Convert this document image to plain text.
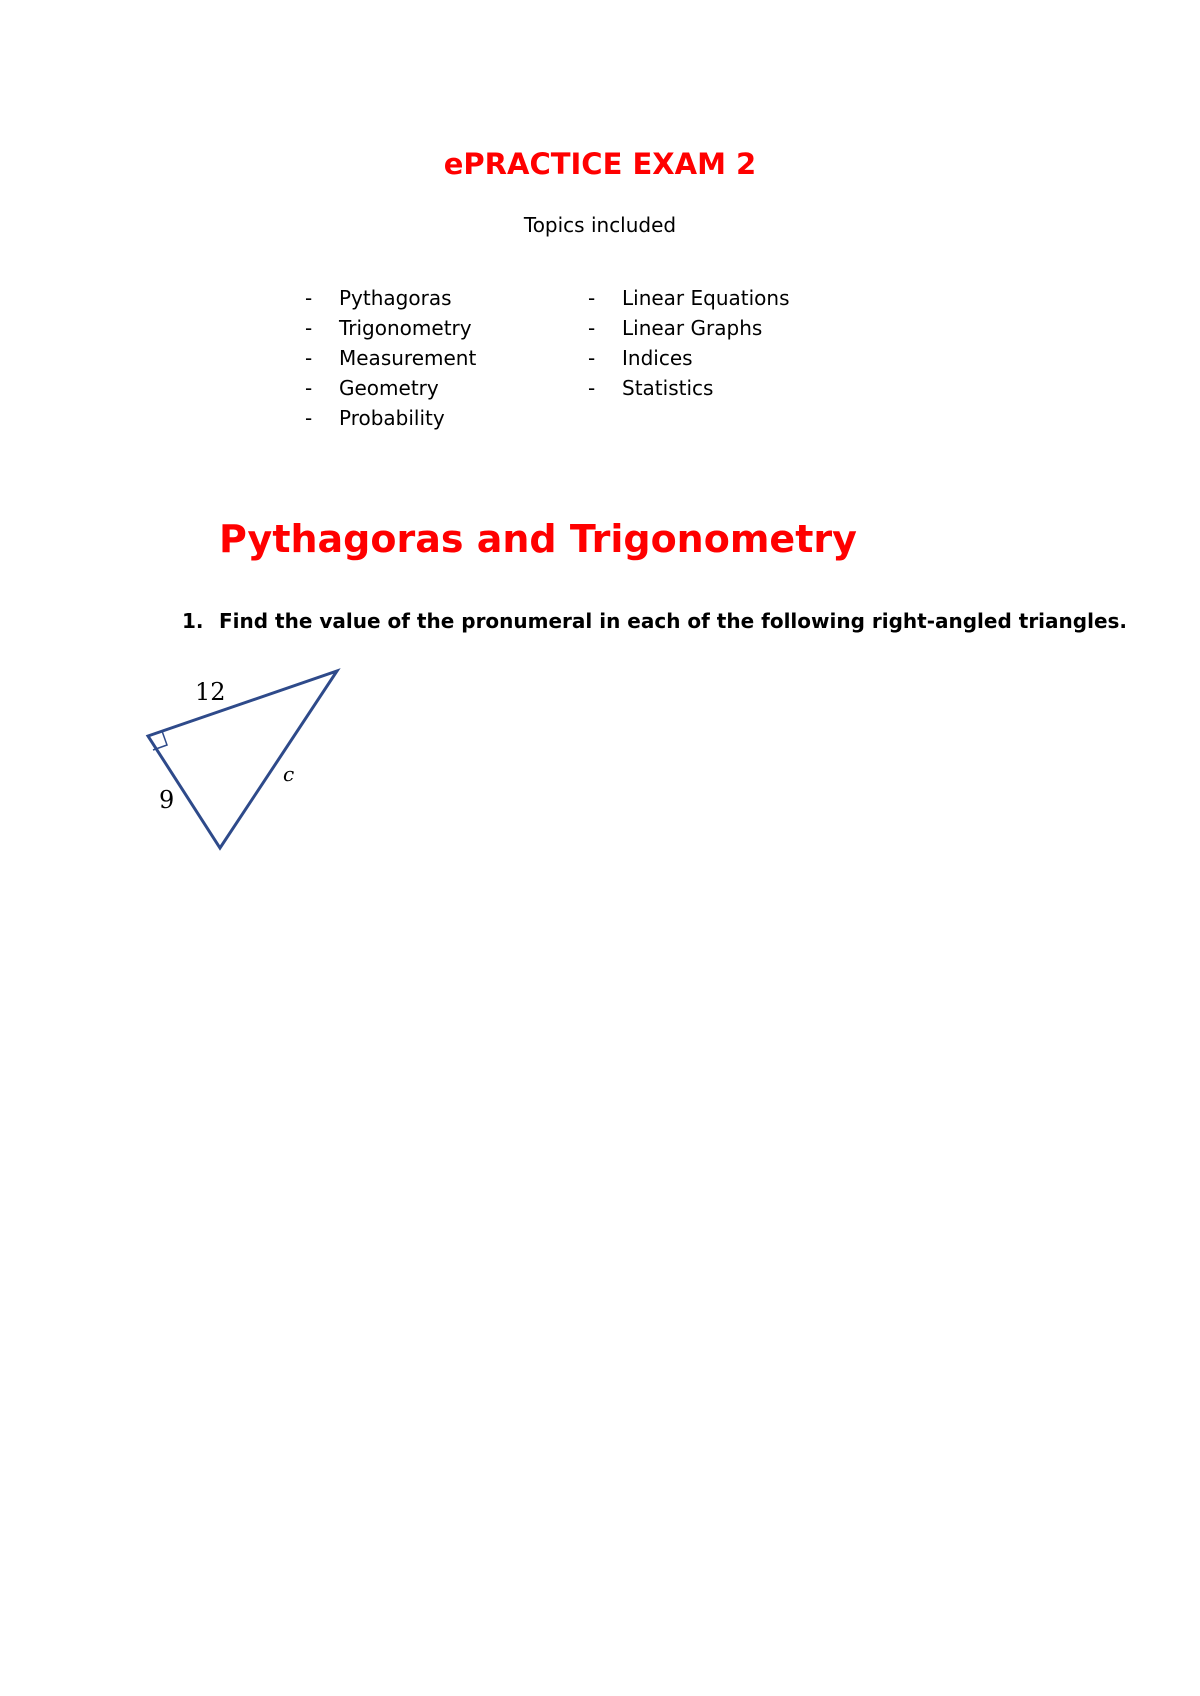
ePRACTICE EXAM 2
Topics included
- Pythagoras
- Trigonometry
- Measurement
- Geometry
- Probability
- Linear Equations
- Linear Graphs
- Indices
- Statistics
Pythagoras and Trigonometry
1. Find the value of the pronumeral in each of the following right-angled triangles.
12
9
c
